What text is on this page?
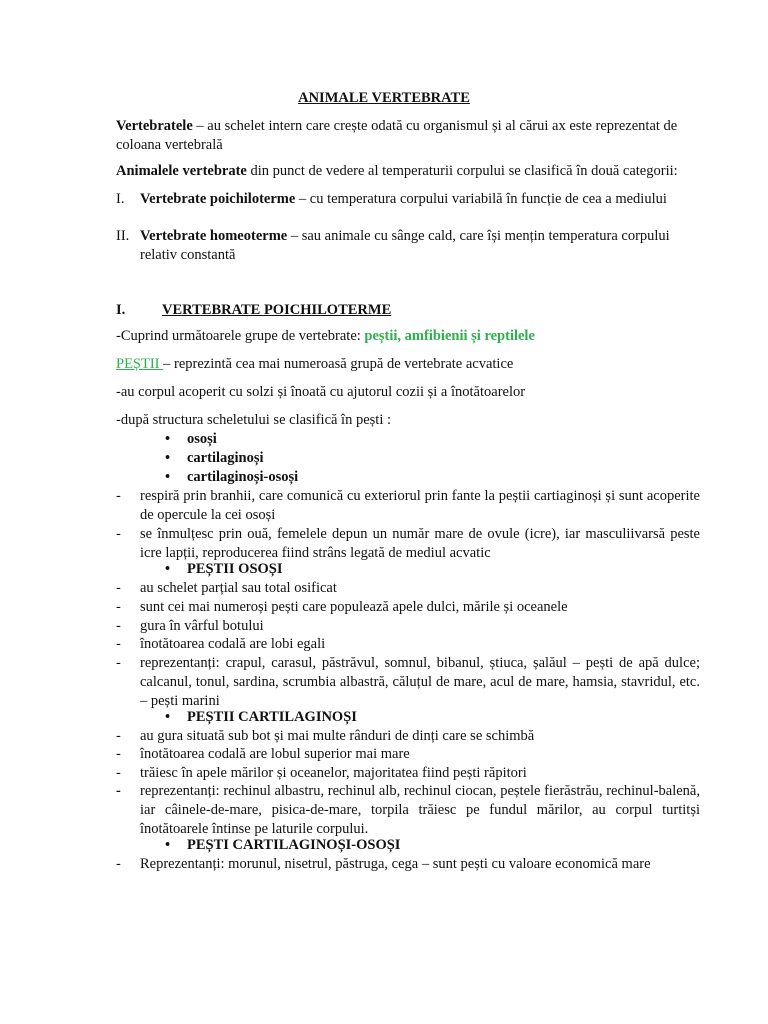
ANIMALE VERTEBRATE
Vertebratele – au schelet intern care crește odată cu organismul și al cărui ax este reprezentat de coloana vertebrală
Animalele vertebrate din punct de vedere al temperaturii corpului se clasifică în două categorii:
I.	Vertebrate poichiloterme – cu temperatura corpului variabilă în funcție de cea a mediului
II. Vertebrate homeoterme – sau animale cu sânge cald, care își mențin temperatura corpului relativ constantă
I.	VERTEBRATE POICHILOTERME
-Cuprind următoarele grupe de vertebrate: peștii, amfibienii și reptilele
PEȘTII – reprezintă cea mai numeroasă grupă de vertebrate acvatice
-au corpul acoperit cu solzi și înoată cu ajutorul cozii și a înotătoarelor
-după structura scheletului se clasifică în pești :
• osoși
• cartilaginoși
• cartilaginoși-osoși
- respiră prin branhii, care comunică cu exteriorul prin fante la peștii cartiaginoși și sunt acoperite de opercule la cei osoși
- se înmulțesc prin ouă, femelele depun un număr mare de ovule (icre), iar masculiivarsă peste icre lapții, reproducerea fiind strâns legată de mediul acvatic
• PEȘTII OSOȘI
- au schelet parțial sau total osificat
- sunt cei mai numeroși pești care populează apele dulci, mările și oceanele
- gura în vârful botului
- înotătoarea codală are lobi egali
- reprezentanți: crapul, carasul, păstrăvul, somnul, bibanul, știuca, șalăul – pești de apă dulce; calcanul, tonul, sardina, scrumbia albastră, căluțul de mare, acul de mare, hamsia, stavridul, etc. – pești marini
• PEȘTII CARTILAGINOȘI
- au gura situată sub bot și mai multe rânduri de dinți care se schimbă
- înotătoarea codală are lobul superior mai mare
- trăiesc în apele mărilor și oceanelor, majoritatea fiind pești răpitori
- reprezentanți: rechinul albastru, rechinul alb, rechinul ciocan, peștele fierăstrău, rechinul-balenă, iar câinele-de-mare, pisica-de-mare, torpila trăiesc pe fundul mărilor, au corpul turtitși înotătoarele întinse pe laturile corpului.
• PEȘTI CARTILAGINOȘI-OSOȘI
- Reprezentanți: morunul, nisetrul, păstruga, cega – sunt pești cu valoare economică mare
